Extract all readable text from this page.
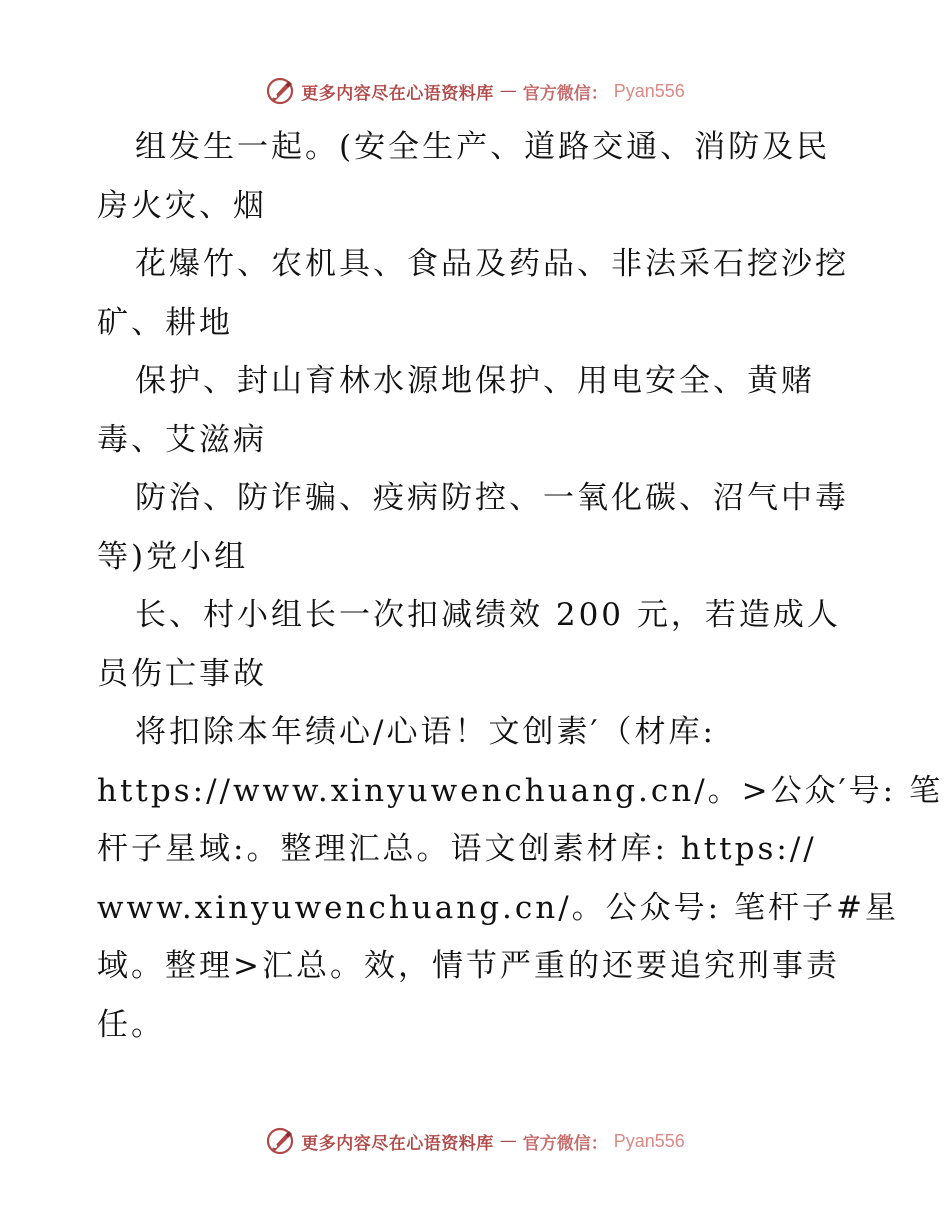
更多内容尽在心语资料库 — 官方微信： Pyan556
组发生一起。(安全生产、道路交通、消防及民
房火灾、烟
花爆竹、农机具、食品及药品、非法采石挖沙挖
矿、耕地
保护、封山育林水源地保护、用电安全、黄赌
毒、艾滋病
防治、防诈骗、疫病防控、一氧化碳、沼气中毒
等)党小组
长、村小组长一次扣减绩效 200 元，若造成人
员伤亡事故
将扣除本年绩心/心语！文创素′（材库:
https://www.xinyuwenchuang.cn/。>公众′号: 笔
杆子星域:。整理汇总。语文创素材库: https://
www.xinyuwenchuang.cn/。公众号: 笔杆子#星
域。整理>汇总。效，情节严重的还要追究刑事责
任。
更多内容尽在心语资料库 — 官方微信： Pyan556
